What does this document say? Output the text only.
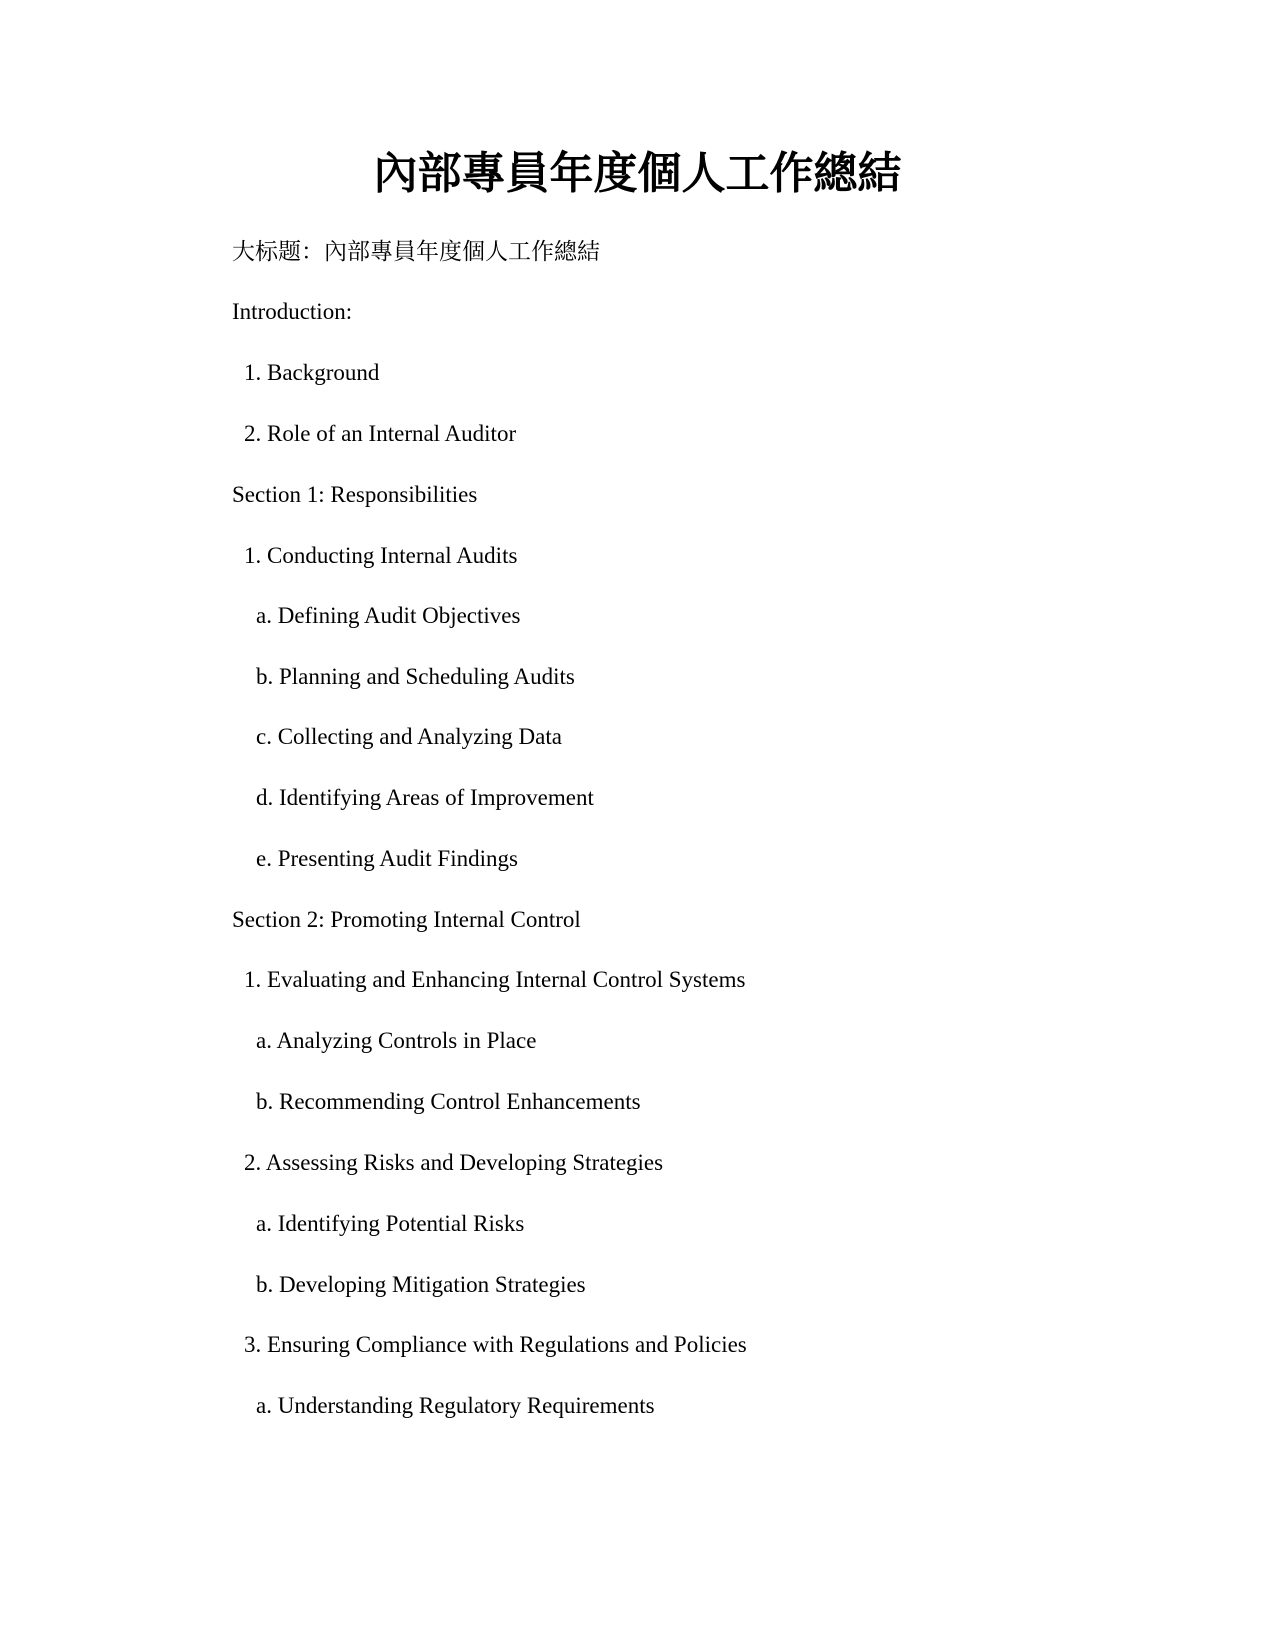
內部專員年度個人工作總結

大标题：內部專員年度個人工作總結

Introduction:

1. Background

2. Role of an Internal Auditor

Section 1: Responsibilities

1. Conducting Internal Audits

a. Defining Audit Objectives

b. Planning and Scheduling Audits

c. Collecting and Analyzing Data

d. Identifying Areas of Improvement

e. Presenting Audit Findings

Section 2: Promoting Internal Control

1. Evaluating and Enhancing Internal Control Systems

a. Analyzing Controls in Place

b. Recommending Control Enhancements

2. Assessing Risks and Developing Strategies

a. Identifying Potential Risks

b. Developing Mitigation Strategies

3. Ensuring Compliance with Regulations and Policies

a. Understanding Regulatory Requirements
